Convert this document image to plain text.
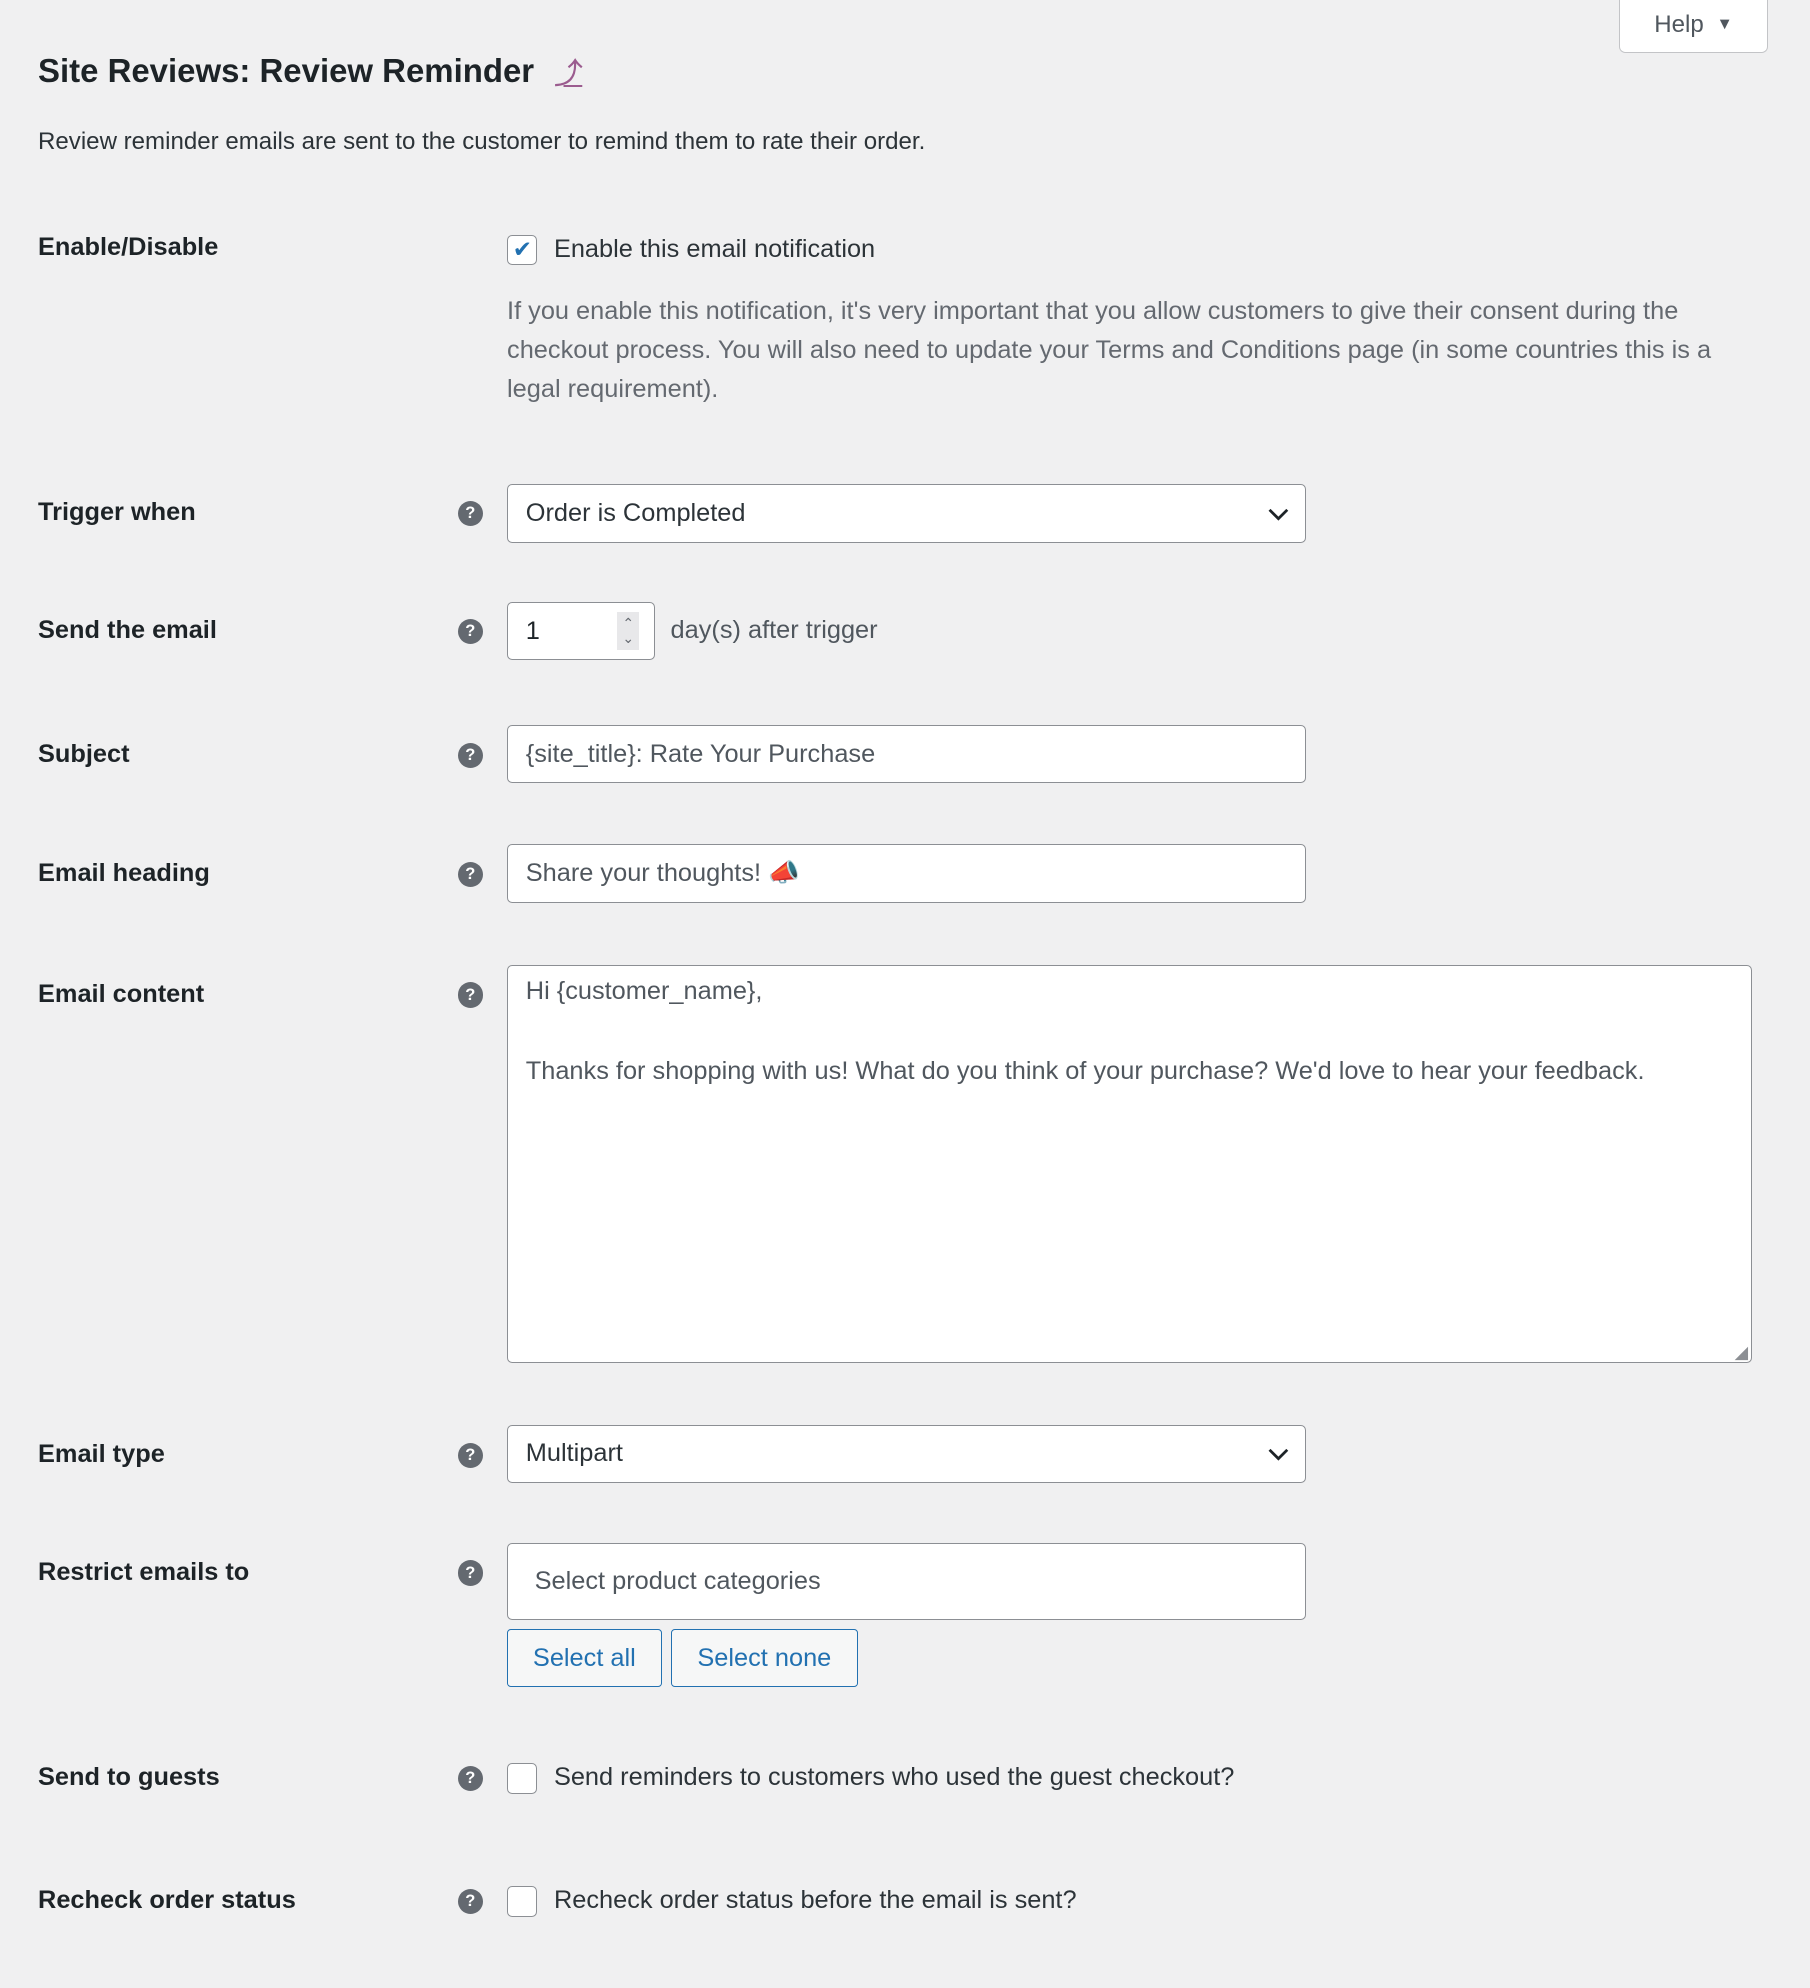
Help ▼
Site Reviews: Review Reminder ⤴
Review reminder emails are sent to the customer to remind them to rate their order.
Enable/Disable	✔ Enable this email notification
If you enable this notification, it's very important that you allow customers to give their consent during the checkout process. You will also need to update your Terms and Conditions page (in some countries this is a legal requirement).
Trigger when	?	Order is Completed
Send the email	?	1	⌃
⌄ day(s) after trigger
Subject	?	{site_title}: Rate Your Purchase
Email heading	?	Share your thoughts! 📣
Email content	?	Hi {customer_name},
Thanks for shopping with us! What do you think of your purchase? We'd love to hear your feedback.
◢
Email type	?	Multipart
Restrict emails to	?	Select product categories
Select all	Select none
Send to guests	?	Send reminders to customers who used the guest checkout?
Recheck order status	?	Recheck order status before the email is sent?
